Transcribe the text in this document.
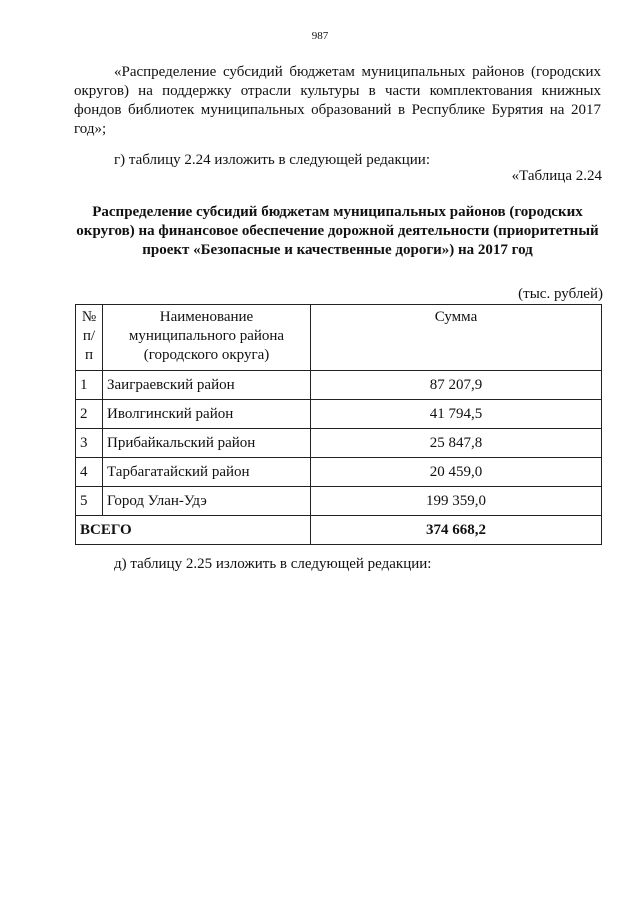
987
«Распределение субсидий бюджетам муниципальных районов (городских округов) на поддержку отрасли культуры в части комплектования книжных фондов библиотек муниципальных образований в Республике Бурятия на 2017 год»;
г) таблицу 2.24 изложить в следующей редакции:
«Таблица 2.24
Распределение субсидий бюджетам муниципальных районов (городских округов) на финансовое обеспечение дорожной деятельности (приоритетный проект «Безопасные и качественные дороги») на 2017 год
(тыс. рублей)
№ п/п	Наименование муниципального района (городского округа)	Сумма
1	Заиграевский район	87 207,9
2	Иволгинский район	41 794,5
3	Прибайкальский район	25 847,8
4	Тарбагатайский район	20 459,0
5	Город Улан-Удэ	199 359,0
ВСЕГО		374 668,2
д) таблицу 2.25 изложить в следующей редакции:
